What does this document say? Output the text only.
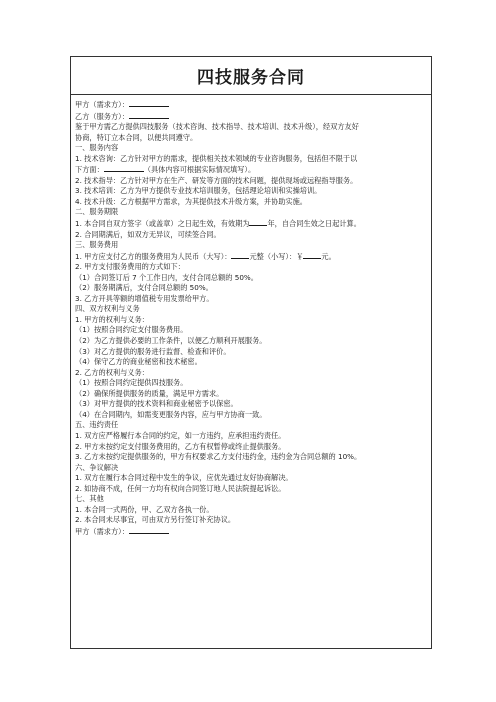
四技服务合同
甲方（需求方）：
乙方（服务方）：
鉴于甲方需乙方提供四技服务（技术咨询、技术指导、技术培训、技术升级），经双方友好
协商，特订立本合同，以便共同遵守。
一、服务内容
1. 技术咨询：乙方针对甲方的需求，提供相关技术领域的专业咨询服务，包括但不限于以
下方面：	（具体内容可根据实际情况填写）。
2. 技术指导：乙方针对甲方在生产、研发等方面的技术问题，提供现场或远程指导服务。
3. 技术培训：乙方为甲方提供专业技术培训服务，包括理论培训和实操培训。
4. 技术升级：乙方根据甲方需求，为其提供技术升级方案，并协助实施。
二、服务期限
1. 本合同自双方签字（或盖章）之日起生效，有效期为	年，自合同生效之日起计算。
2. 合同期满后，如双方无异议，可续签合同。
三、服务费用
1. 甲方应支付乙方的服务费用为人民币（大写）：	元整（小写）：￥	元。
2. 甲方支付服务费用的方式如下：
（1）合同签订后 7 个工作日内，支付合同总额的 50%。
（2）服务期满后，支付合同总额的 50%。
3. 乙方开具等额的增值税专用发票给甲方。
四、双方权利与义务
1. 甲方的权利与义务：
（1）按照合同约定支付服务费用。
（2）为乙方提供必要的工作条件，以便乙方顺利开展服务。
（3）对乙方提供的服务进行监督、检查和评价。
（4）保守乙方的商业秘密和技术秘密。
2. 乙方的权利与义务：
（1）按照合同约定提供四技服务。
（2）确保所提供服务的质量，满足甲方需求。
（3）对甲方提供的技术资料和商业秘密予以保密。
（4）在合同期内，如需变更服务内容，应与甲方协商一致。
五、违约责任
1. 双方应严格履行本合同的约定，如一方违约，应承担违约责任。
2. 甲方未按约定支付服务费用的，乙方有权暂停或终止提供服务。
3. 乙方未按约定提供服务的，甲方有权要求乙方支付违约金，违约金为合同总额的 10%。
六、争议解决
1. 双方在履行本合同过程中发生的争议，应优先通过友好协商解决。
2. 如协商不成，任何一方均有权向合同签订地人民法院提起诉讼。
七、其他
1. 本合同一式两份，甲、乙双方各执一份。
2. 本合同未尽事宜，可由双方另行签订补充协议。
甲方（需求方）：
